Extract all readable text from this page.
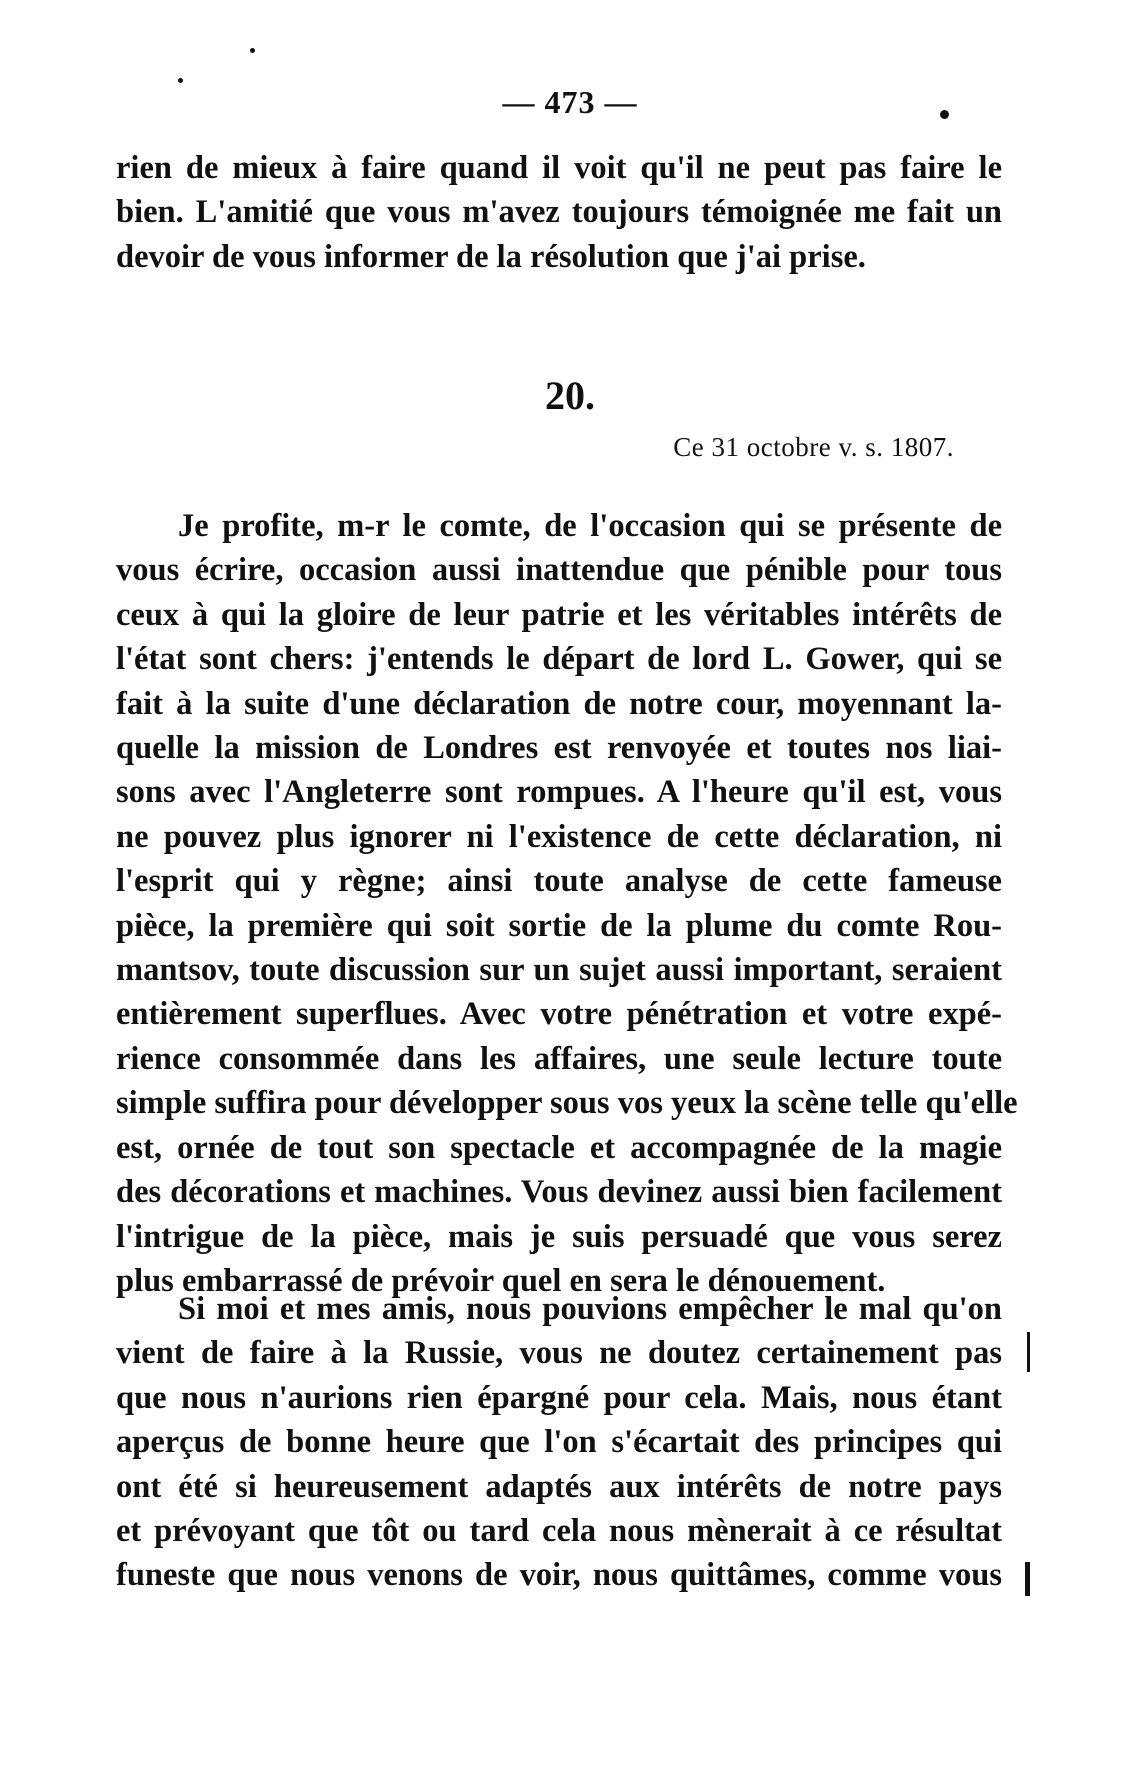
— 473 —
rien de mieux à faire quand il voit qu'il ne peut pas faire le
bien. L'amitié que vous m'avez toujours témoignée me fait un
devoir de vous informer de la résolution que j'ai prise.
20.
Ce 31 octobre v. s. 1807.
Je profite, m-r le comte, de l'occasion qui se présente de
vous écrire, occasion aussi inattendue que pénible pour tous
ceux à qui la gloire de leur patrie et les véritables intérêts de
l'état sont chers: j'entends le départ de lord L. Gower, qui se
fait à la suite d'une déclaration de notre cour, moyennant la-
quelle la mission de Londres est renvoyée et toutes nos liai-
sons avec l'Angleterre sont rompues. A l'heure qu'il est, vous
ne pouvez plus ignorer ni l'existence de cette déclaration, ni
l'esprit qui y règne; ainsi toute analyse de cette fameuse
pièce, la première qui soit sortie de la plume du comte Rou-
mantsov, toute discussion sur un sujet aussi important, seraient
entièrement superflues. Avec votre pénétration et votre expé-
rience consommée dans les affaires, une seule lecture toute
simple suffira pour développer sous vos yeux la scène telle qu'elle
est, ornée de tout son spectacle et accompagnée de la magie
des décorations et machines. Vous devinez aussi bien facilement
l'intrigue de la pièce, mais je suis persuadé que vous serez
plus embarrassé de prévoir quel en sera le dénouement.
Si moi et mes amis, nous pouvions empêcher le mal qu'on
vient de faire à la Russie, vous ne doutez certainement pas
que nous n'aurions rien épargné pour cela. Mais, nous étant
aperçus de bonne heure que l'on s'écartait des principes qui
ont été si heureusement adaptés aux intérêts de notre pays
et prévoyant que tôt ou tard cela nous mènerait à ce résultat
funeste que nous venons de voir, nous quittâmes, comme vous
